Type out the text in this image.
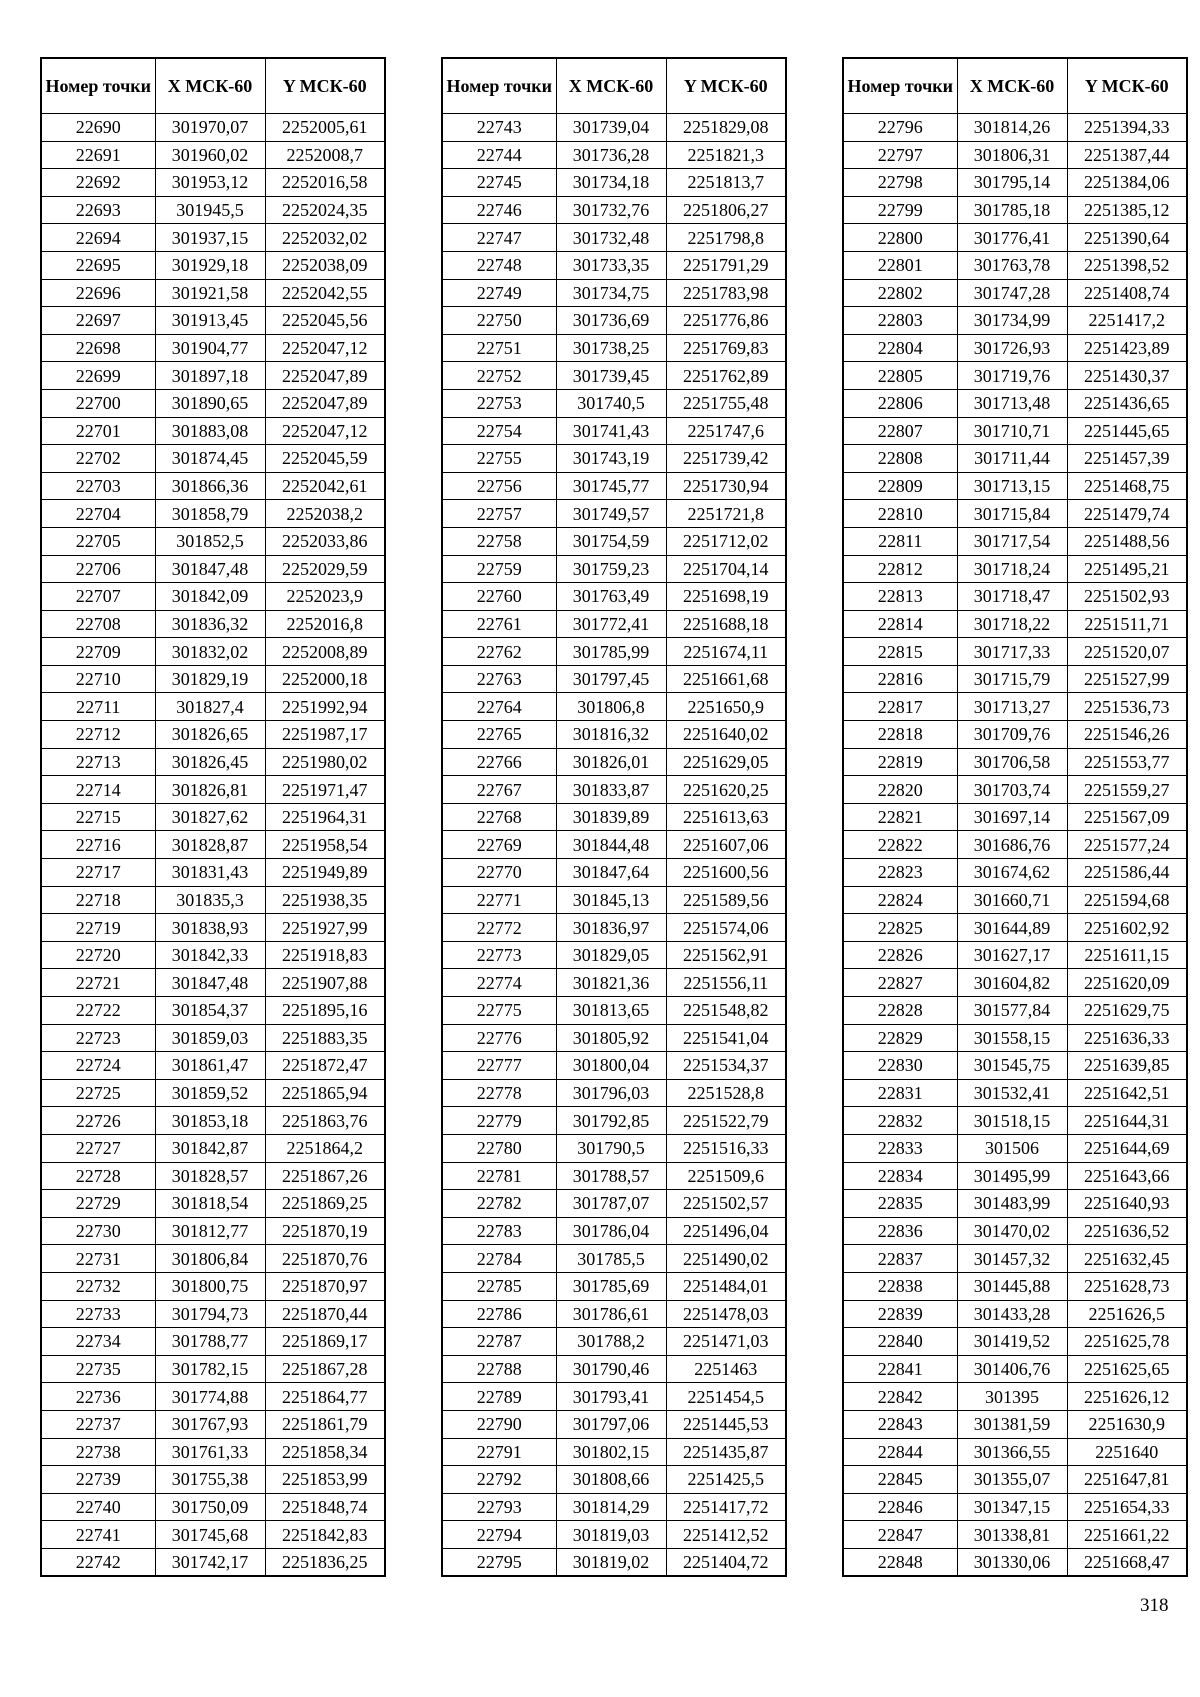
Номер точки	X МСК-60	Y МСК-60
22690	301970,07	2252005,61
22691	301960,02	2252008,7
22692	301953,12	2252016,58
22693	301945,5	2252024,35
22694	301937,15	2252032,02
22695	301929,18	2252038,09
22696	301921,58	2252042,55
22697	301913,45	2252045,56
22698	301904,77	2252047,12
22699	301897,18	2252047,89
22700	301890,65	2252047,89
22701	301883,08	2252047,12
22702	301874,45	2252045,59
22703	301866,36	2252042,61
22704	301858,79	2252038,2
22705	301852,5	2252033,86
22706	301847,48	2252029,59
22707	301842,09	2252023,9
22708	301836,32	2252016,8
22709	301832,02	2252008,89
22710	301829,19	2252000,18
22711	301827,4	2251992,94
22712	301826,65	2251987,17
22713	301826,45	2251980,02
22714	301826,81	2251971,47
22715	301827,62	2251964,31
22716	301828,87	2251958,54
22717	301831,43	2251949,89
22718	301835,3	2251938,35
22719	301838,93	2251927,99
22720	301842,33	2251918,83
22721	301847,48	2251907,88
22722	301854,37	2251895,16
22723	301859,03	2251883,35
22724	301861,47	2251872,47
22725	301859,52	2251865,94
22726	301853,18	2251863,76
22727	301842,87	2251864,2
22728	301828,57	2251867,26
22729	301818,54	2251869,25
22730	301812,77	2251870,19
22731	301806,84	2251870,76
22732	301800,75	2251870,97
22733	301794,73	2251870,44
22734	301788,77	2251869,17
22735	301782,15	2251867,28
22736	301774,88	2251864,77
22737	301767,93	2251861,79
22738	301761,33	2251858,34
22739	301755,38	2251853,99
22740	301750,09	2251848,74
22741	301745,68	2251842,83
22742	301742,17	2251836,25
Номер точки	X МСК-60	Y МСК-60
22743	301739,04	2251829,08
22744	301736,28	2251821,3
22745	301734,18	2251813,7
22746	301732,76	2251806,27
22747	301732,48	2251798,8
22748	301733,35	2251791,29
22749	301734,75	2251783,98
22750	301736,69	2251776,86
22751	301738,25	2251769,83
22752	301739,45	2251762,89
22753	301740,5	2251755,48
22754	301741,43	2251747,6
22755	301743,19	2251739,42
22756	301745,77	2251730,94
22757	301749,57	2251721,8
22758	301754,59	2251712,02
22759	301759,23	2251704,14
22760	301763,49	2251698,19
22761	301772,41	2251688,18
22762	301785,99	2251674,11
22763	301797,45	2251661,68
22764	301806,8	2251650,9
22765	301816,32	2251640,02
22766	301826,01	2251629,05
22767	301833,87	2251620,25
22768	301839,89	2251613,63
22769	301844,48	2251607,06
22770	301847,64	2251600,56
22771	301845,13	2251589,56
22772	301836,97	2251574,06
22773	301829,05	2251562,91
22774	301821,36	2251556,11
22775	301813,65	2251548,82
22776	301805,92	2251541,04
22777	301800,04	2251534,37
22778	301796,03	2251528,8
22779	301792,85	2251522,79
22780	301790,5	2251516,33
22781	301788,57	2251509,6
22782	301787,07	2251502,57
22783	301786,04	2251496,04
22784	301785,5	2251490,02
22785	301785,69	2251484,01
22786	301786,61	2251478,03
22787	301788,2	2251471,03
22788	301790,46	2251463
22789	301793,41	2251454,5
22790	301797,06	2251445,53
22791	301802,15	2251435,87
22792	301808,66	2251425,5
22793	301814,29	2251417,72
22794	301819,03	2251412,52
22795	301819,02	2251404,72
Номер точки	X МСК-60	Y МСК-60
22796	301814,26	2251394,33
22797	301806,31	2251387,44
22798	301795,14	2251384,06
22799	301785,18	2251385,12
22800	301776,41	2251390,64
22801	301763,78	2251398,52
22802	301747,28	2251408,74
22803	301734,99	2251417,2
22804	301726,93	2251423,89
22805	301719,76	2251430,37
22806	301713,48	2251436,65
22807	301710,71	2251445,65
22808	301711,44	2251457,39
22809	301713,15	2251468,75
22810	301715,84	2251479,74
22811	301717,54	2251488,56
22812	301718,24	2251495,21
22813	301718,47	2251502,93
22814	301718,22	2251511,71
22815	301717,33	2251520,07
22816	301715,79	2251527,99
22817	301713,27	2251536,73
22818	301709,76	2251546,26
22819	301706,58	2251553,77
22820	301703,74	2251559,27
22821	301697,14	2251567,09
22822	301686,76	2251577,24
22823	301674,62	2251586,44
22824	301660,71	2251594,68
22825	301644,89	2251602,92
22826	301627,17	2251611,15
22827	301604,82	2251620,09
22828	301577,84	2251629,75
22829	301558,15	2251636,33
22830	301545,75	2251639,85
22831	301532,41	2251642,51
22832	301518,15	2251644,31
22833	301506	2251644,69
22834	301495,99	2251643,66
22835	301483,99	2251640,93
22836	301470,02	2251636,52
22837	301457,32	2251632,45
22838	301445,88	2251628,73
22839	301433,28	2251626,5
22840	301419,52	2251625,78
22841	301406,76	2251625,65
22842	301395	2251626,12
22843	301381,59	2251630,9
22844	301366,55	2251640
22845	301355,07	2251647,81
22846	301347,15	2251654,33
22847	301338,81	2251661,22
22848	301330,06	2251668,47
318
